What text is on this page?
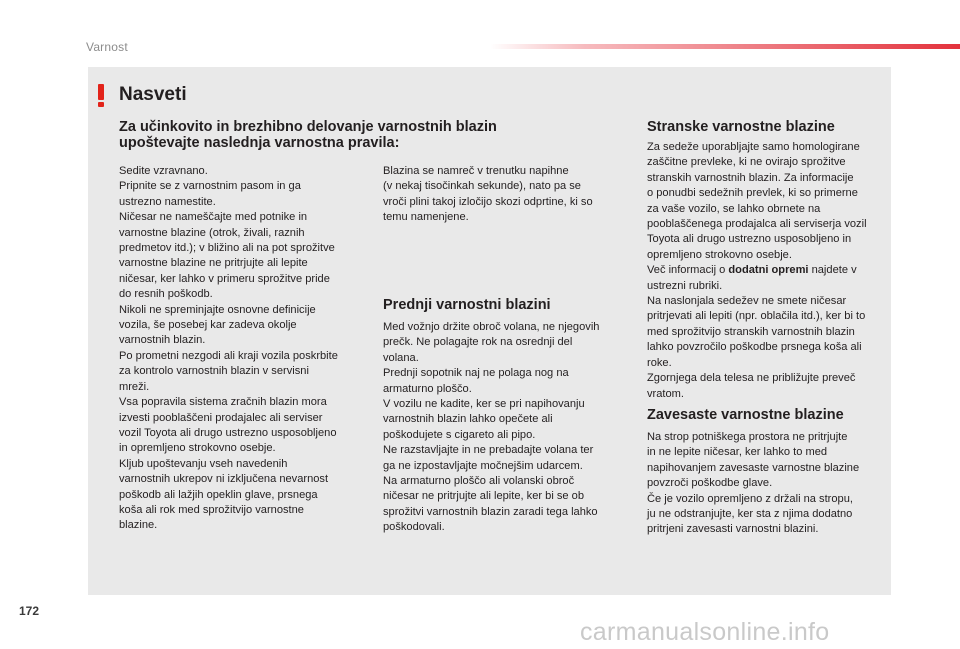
Varnost
Nasveti
Za učinkovito in brezhibno delovanje varnostnih blazin
upoštevajte naslednja varnostna pravila:
Sedite vzravnano.
Pripnite se z varnostnim pasom in ga
ustrezno namestite.
Ničesar ne nameščajte med potnike in
varnostne blazine (otrok, živali, raznih
predmetov itd.); v bližino ali na pot sprožitve
varnostne blazine ne pritrjujte ali lepite
ničesar, ker lahko v primeru sprožitve pride
do resnih poškodb.
Nikoli ne spreminjajte osnovne definicije
vozila, še posebej kar zadeva okolje
varnostnih blazin.
Po prometni nezgodi ali kraji vozila poskrbite
za kontrolo varnostnih blazin v servisni
mreži.
Vsa popravila sistema zračnih blazin mora
izvesti pooblaščeni prodajalec ali serviser
vozil Toyota ali drugo ustrezno usposobljeno
in opremljeno strokovno osebje.
Kljub upoštevanju vseh navedenih
varnostnih ukrepov ni izključena nevarnost
poškodb ali lažjih opeklin glave, prsnega
koša ali rok med sprožitvijo varnostne
blazine.
Blazina se namreč v trenutku napihne
(v nekaj tisočinkah sekunde), nato pa se
vroči plini takoj izločijo skozi odprtine, ki so
temu namenjene.
Prednji varnostni blazini
Med vožnjo držite obroč volana, ne njegovih
prečk. Ne polagajte rok na osrednji del
volana.
Prednji sopotnik naj ne polaga nog na
armaturno ploščo.
V vozilu ne kadite, ker se pri napihovanju
varnostnih blazin lahko opečete ali
poškodujete s cigareto ali pipo.
Ne razstavljajte in ne prebadajte volana ter
ga ne izpostavljajte močnejšim udarcem.
Na armaturno ploščo ali volanski obroč
ničesar ne pritrjujte ali lepite, ker bi se ob
sprožitvi varnostnih blazin zaradi tega lahko
poškodovali.
Stranske varnostne blazine
Za sedeže uporabljajte samo homologirane
zaščitne prevleke, ki ne ovirajo sprožitve
stranskih varnostnih blazin. Za informacije
o ponudbi sedežnih prevlek, ki so primerne
za vaše vozilo, se lahko obrnete na
pooblaščenega prodajalca ali serviserja vozil
Toyota ali drugo ustrezno usposobljeno in
opremljeno strokovno osebje.
Več informacij o dodatni opremi najdete v
ustrezni rubriki.
Na naslonjala sedežev ne smete ničesar
pritrjevati ali lepiti (npr. oblačila itd.), ker bi to
med sprožitvijo stranskih varnostnih blazin
lahko povzročilo poškodbe prsnega koša ali
roke.
Zgornjega dela telesa ne približujte preveč
vratom.
Zavesaste varnostne blazine
Na strop potniškega prostora ne pritrjujte
in ne lepite ničesar, ker lahko to med
napihovanjem zavesaste varnostne blazine
povzroči poškodbe glave.
Če je vozilo opremljeno z držali na stropu,
ju ne odstranjujte, ker sta z njima dodatno
pritrjeni zavesasti varnostni blazini.
172
carmanualsonline.info
